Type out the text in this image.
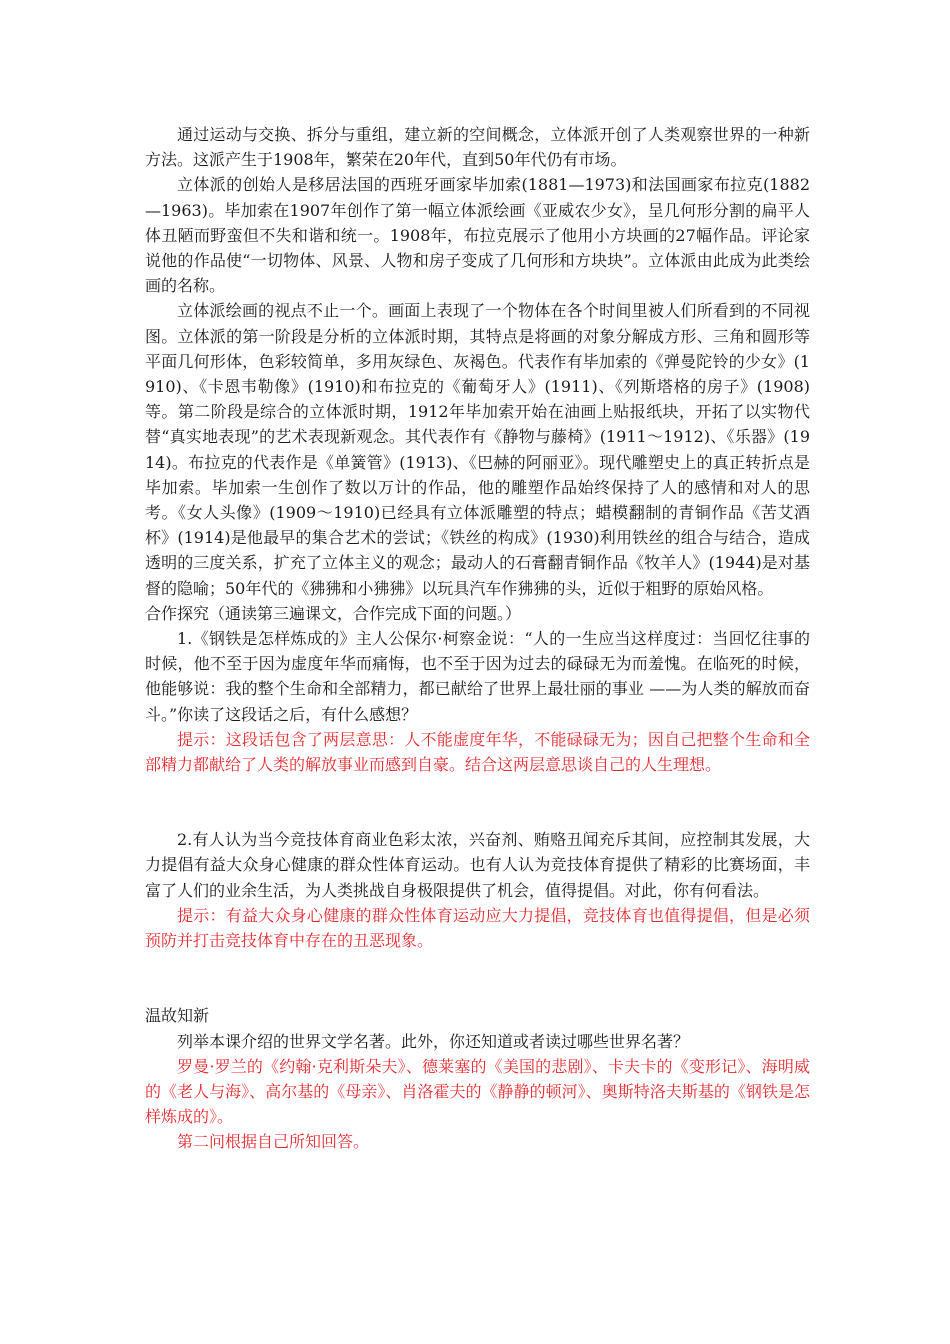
通过运动与交换、拆分与重组，建立新的空间概念，立体派开创了人类观察世界的一种新方法。这派产生于1908年，繁荣在20年代，直到50年代仍有市场。

立体派的创始人是移居法国的西班牙画家毕加索(1881—1973)和法国画家布拉克(1882—1963)。毕加索在1907年创作了第一幅立体派绘画《亚威农少女》，呈几何形分割的扁平人体丑陋而野蛮但不失和谐和统一。1908年，布拉克展示了他用小方块画的27幅作品。评论家说他的作品使“一切物体、风景、人物和房子变成了几何形和方块块”。立体派由此成为此类绘画的名称。

立体派绘画的视点不止一个。画面上表现了一个物体在各个时间里被人们所看到的不同视图。立体派的第一阶段是分析的立体派时期，其特点是将画的对象分解成方形、三角和圆形等平面几何形体，色彩较简单，多用灰绿色、灰褐色。代表作有毕加索的《弹曼陀铃的少女》(1910)、《卡恩韦勒像》(1910)和布拉克的《葡萄牙人》(1911)、《列斯塔格的房子》(1908)等。第二阶段是综合的立体派时期，1912年毕加索开始在油画上贴报纸块，开拓了以实物代替“真实地表现”的艺术表现新观念。其代表作有《静物与藤椅》(1911～1912)、《乐器》(1914)。布拉克的代表作是《单簧管》(1913)、《巴赫的阿丽亚》。现代雕塑史上的真正转折点是毕加索。毕加索一生创作了数以万计的作品，他的雕塑作品始终保持了人的感情和对人的思考。《女人头像》(1909～1910)已经具有立体派雕塑的特点；蜡模翻制的青铜作品《苦艾酒杯》(1914)是他最早的集合艺术的尝试；《铁丝的构成》(1930)利用铁丝的组合与结合，造成透明的三度关系，扩充了立体主义的观念；最动人的石膏翻青铜作品《牧羊人》(1944)是对基督的隐喻；50年代的《狒狒和小狒狒》以玩具汽车作狒狒的头，近似于粗野的原始风格。

合作探究（通读第三遍课文，合作完成下面的问题。）

1.《钢铁是怎样炼成的》主人公保尔·柯察金说：“人的一生应当这样度过：当回忆往事的时候，他不至于因为虚度年华而痛悔，也不至于因为过去的碌碌无为而羞愧。在临死的时候，他能够说：我的整个生命和全部精力，都已献给了世界上最壮丽的事业 ——为人类的解放而奋斗。”你读了这段话之后，有什么感想？

提示：这段话包含了两层意思：人不能虚度年华，不能碌碌无为；因自己把整个生命和全部精力都献给了人类的解放事业而感到自豪。结合这两层意思谈自己的人生理想。

2.有人认为当今竞技体育商业色彩太浓，兴奋剂、贿赂丑闻充斥其间，应控制其发展，大力提倡有益大众身心健康的群众性体育运动。也有人认为竞技体育提供了精彩的比赛场面，丰富了人们的业余生活，为人类挑战自身极限提供了机会，值得提倡。对此，你有何看法。

提示：有益大众身心健康的群众性体育运动应大力提倡，竞技体育也值得提倡，但是必须预防并打击竞技体育中存在的丑恶现象。

温故知新

列举本课介绍的世界文学名著。此外，你还知道或者读过哪些世界名著？

罗曼·罗兰的《约翰·克利斯朵夫》、德莱塞的《美国的悲剧》、卡夫卡的《变形记》、海明威的《老人与海》、高尔基的《母亲》、肖洛霍夫的《静静的顿河》、奥斯特洛夫斯基的《钢铁是怎样炼成的》。

第二问根据自己所知回答。
